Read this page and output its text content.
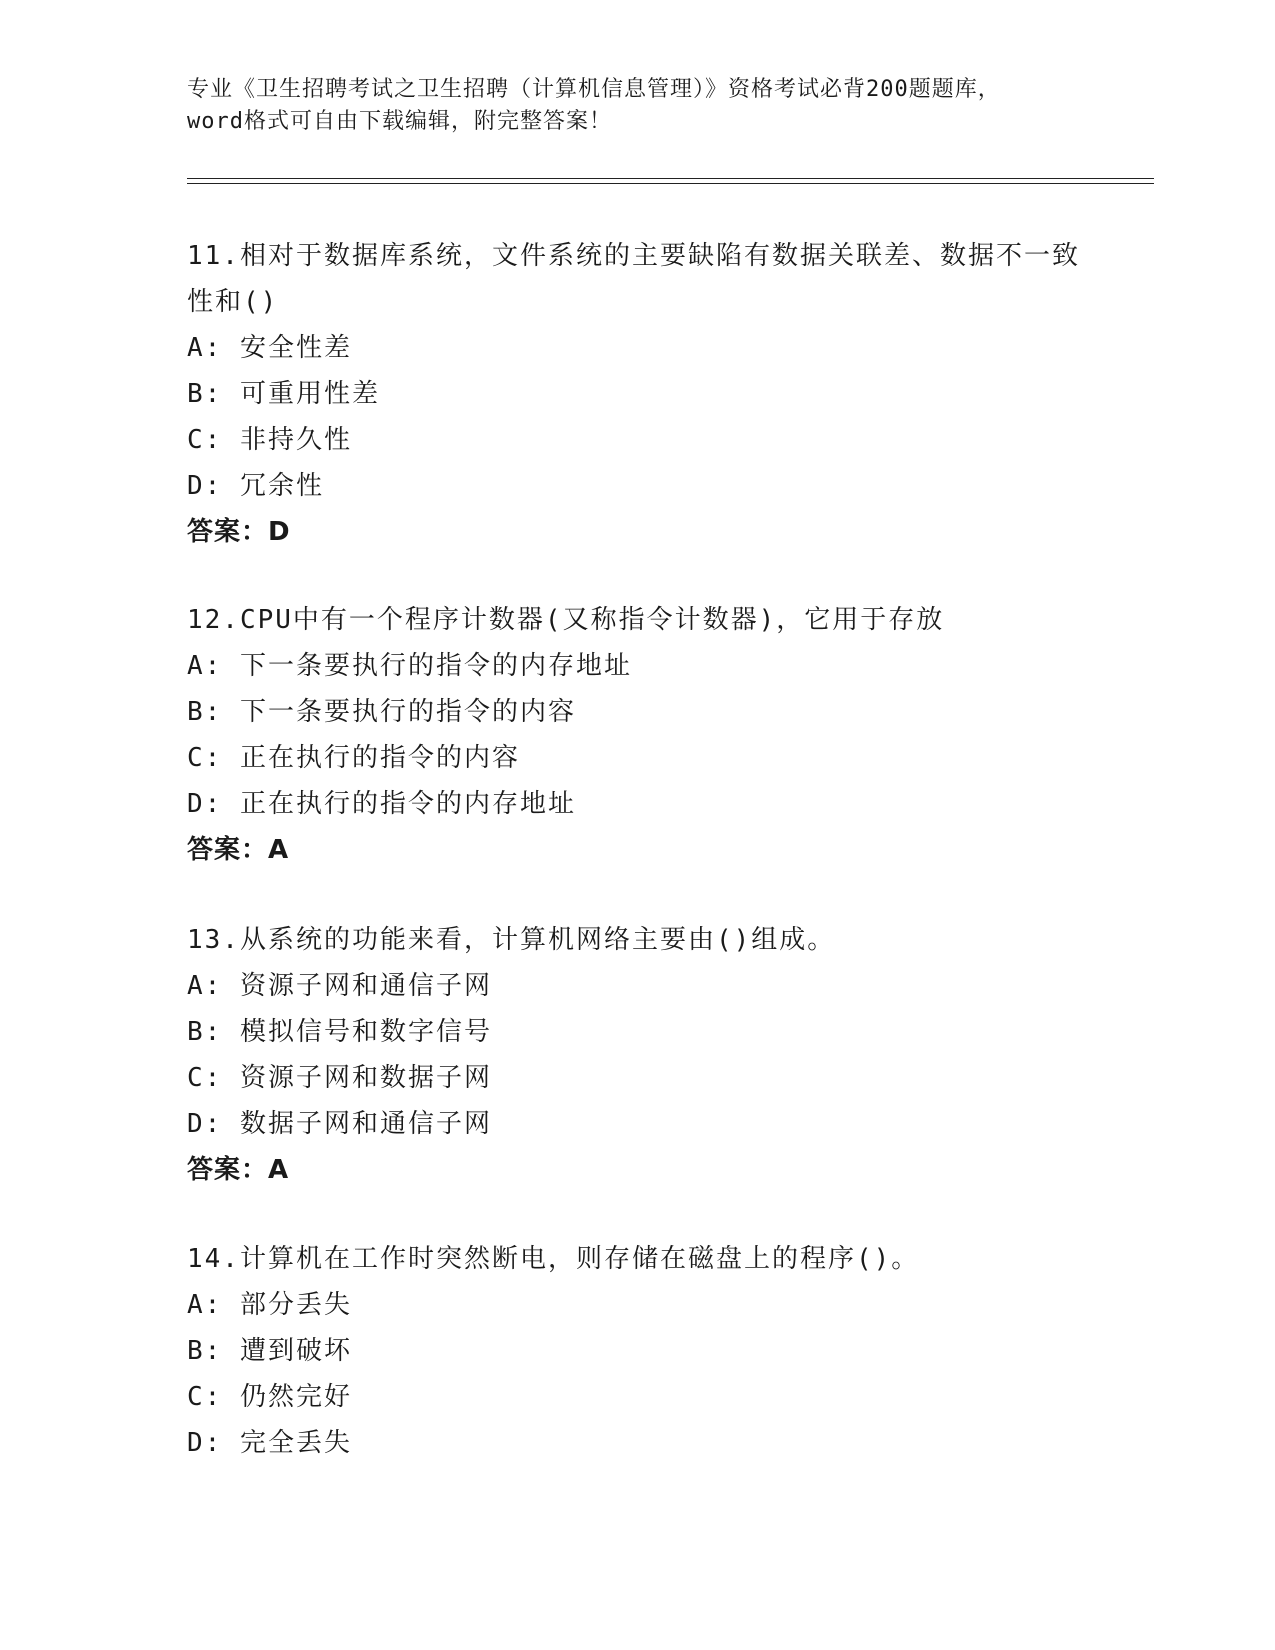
专业《卫生招聘考试之卫生招聘（计算机信息管理）》资格考试必背200题题库，

word格式可自由下载编辑，附完整答案！

11.相对于数据库系统，文件系统的主要缺陷有数据关联差、数据不一致性和()

A: 安全性差

B: 可重用性差

C: 非持久性

D: 冗余性

答案：D

12.CPU中有一个程序计数器(又称指令计数器)，它用于存放

A: 下一条要执行的指令的内存地址

B: 下一条要执行的指令的内容

C: 正在执行的指令的内容

D: 正在执行的指令的内存地址

答案：A

13.从系统的功能来看，计算机网络主要由()组成。

A: 资源子网和通信子网

B: 模拟信号和数字信号

C: 资源子网和数据子网

D: 数据子网和通信子网

答案：A

14.计算机在工作时突然断电，则存储在磁盘上的程序()。

A: 部分丢失

B: 遭到破坏

C: 仍然完好

D: 完全丢失
